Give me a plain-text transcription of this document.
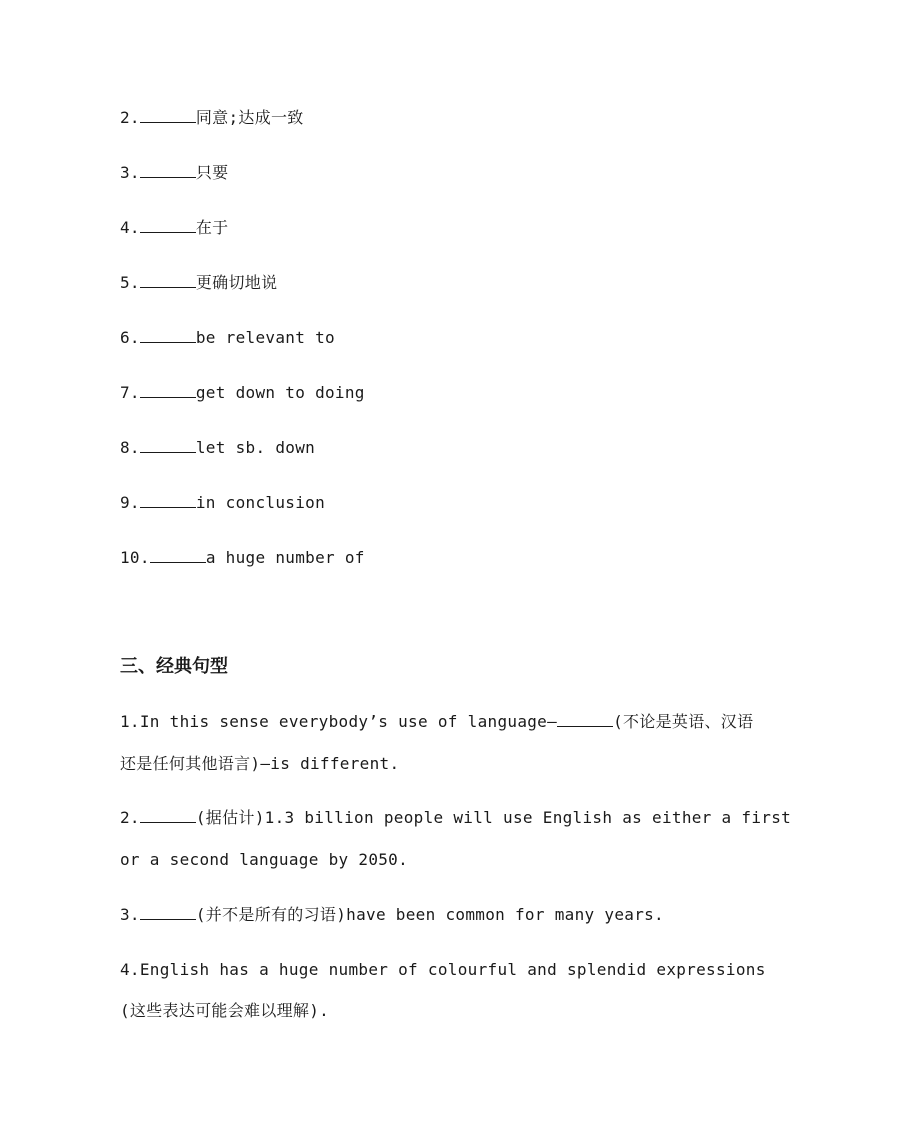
2.	同意;达成一致
3.	只要
4.	在于
5.	更确切地说
6.	be relevant to
7.	get down to doing
8.	let sb. down
9.	in conclusion
10.	a huge number of
三、经典句型
1.In this sense everybody’s use of language—	(不论是英语、汉语
还是任何其他语言)—is different.
2.	(据估计)1.3 billion people will use English as either a first
or a second language by 2050.
3.	(并不是所有的习语)have been common for many years.
4.English has a huge number of colourful and splendid expressions
(这些表达可能会难以理解).
